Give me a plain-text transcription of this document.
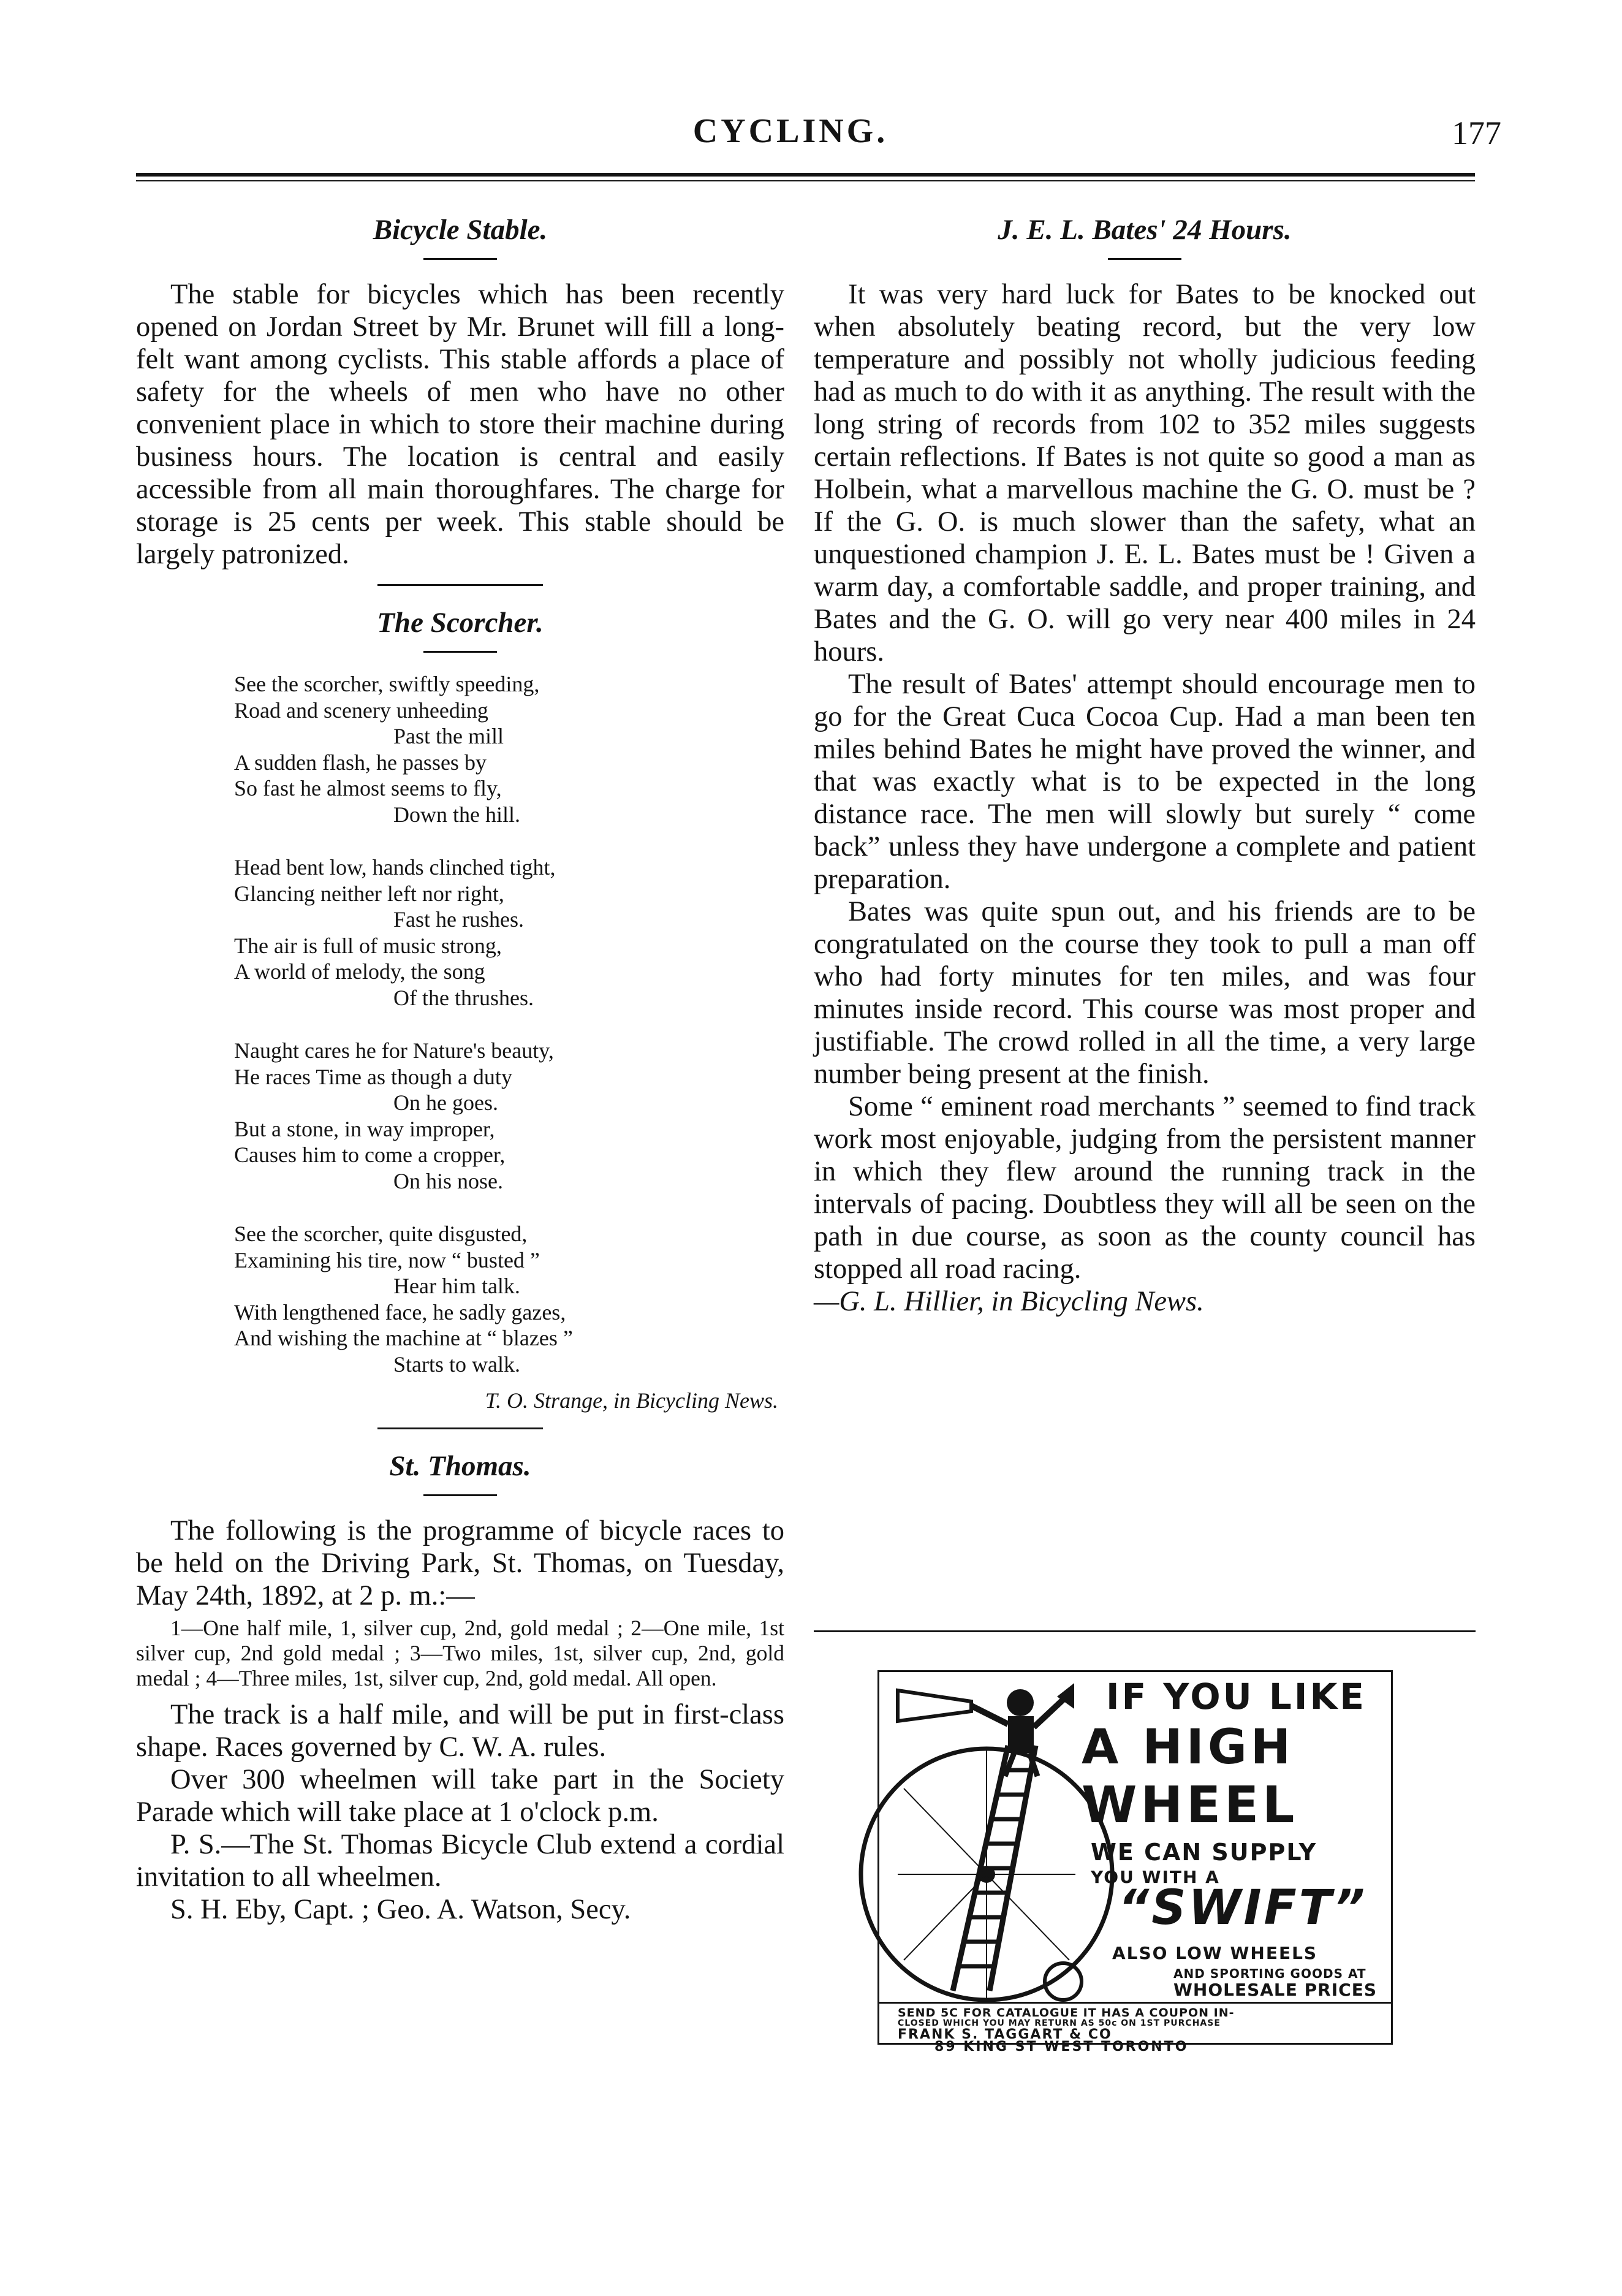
CYCLING.	177
Bicycle Stable.

The stable for bicycles which has been recently opened on Jordan Street by Mr. Brunet will fill a long-felt want among cyclists. This stable affords a place of safety for the wheels of men who have no other convenient place in which to store their machine during business hours. The location is central and easily accessible from all main thoroughfares. The charge for storage is 25 cents per week. This stable should be largely patronized.

The Scorcher.
See the scorcher, swiftly speeding,
Road and scenery unheeding
Past the mill
A sudden flash, he passes by
So fast he almost seems to fly,
Down the hill.
Head bent low, hands clinched tight,
Glancing neither left nor right,
Fast he rushes.
The air is full of music strong,
A world of melody, the song
Of the thrushes.
Naught cares he for Nature's beauty,
He races Time as though a duty
On he goes.
But a stone, in way improper,
Causes him to come a cropper,
On his nose.
See the scorcher, quite disgusted,
Examining his tire, now “ busted ”
Hear him talk.
With lengthened face, he sadly gazes,
And wishing the machine at “ blazes ”
Starts to walk.
T. O. Strange, in Bicycling News.
St. Thomas.

The following is the programme of bicycle races to be held on the Driving Park, St. Thomas, on Tuesday, May 24th, 1892, at 2 p. m.:—

1—One half mile, 1, silver cup, 2nd, gold medal ; 2—One mile, 1st silver cup, 2nd gold medal ; 3—Two miles, 1st, silver cup, 2nd, gold medal ; 4—Three miles, 1st, silver cup, 2nd, gold medal. All open.

The track is a half mile, and will be put in first-class shape. Races governed by C. W. A. rules.

Over 300 wheelmen will take part in the Society Parade which will take place at 1 o'clock p.m.

P. S.—The St. Thomas Bicycle Club extend a cordial invitation to all wheelmen.

S. H. Eby, Capt. ; Geo. A. Watson, Secy.

J. E. L. Bates' 24 Hours.

It was very hard luck for Bates to be knocked out when absolutely beating record, but the very low temperature and possibly not wholly judicious feeding had as much to do with it as anything. The result with the long string of records from 102 to 352 miles suggests certain reflections. If Bates is not quite so good a man as Holbein, what a marvellous machine the G. O. must be ? If the G. O. is much slower than the safety, what an unquestioned champion J. E. L. Bates must be ! Given a warm day, a comfortable saddle, and proper training, and Bates and the G. O. will go very near 400 miles in 24 hours.

The result of Bates' attempt should encourage men to go for the Great Cuca Cocoa Cup. Had a man been ten miles behind Bates he might have proved the winner, and that was exactly what is to be expected in the long distance race. The men will slowly but surely “ come back” unless they have undergone a complete and patient preparation.

Bates was quite spun out, and his friends are to be congratulated on the course they took to pull a man off who had forty minutes for ten miles, and was four minutes inside record. This course was most proper and justifiable. The crowd rolled in all the time, a very large number being present at the finish.

Some “ eminent road merchants ” seemed to find track work most enjoyable, judging from the persistent manner in which they flew around the running track in the intervals of pacing. Doubtless they will all be seen on the path in due course, as soon as the county council has stopped all road racing.

—G. L. Hillier, in Bicycling News.

IF YOU LIKE
A HIGH
WHEEL
WE CAN SUPPLY
YOU WITH A
“SWIFT”
ALSO LOW WHEELS
AND SPORTING GOODS AT
WHOLESALE PRICES
SEND 5C FOR CATALOGUE IT HAS A COUPON IN-
CLOSED WHICH YOU MAY RETURN AS 50c ON 1ST PURCHASE
FRANK S. TAGGART & CO
89 KING ST WEST TORONTO
